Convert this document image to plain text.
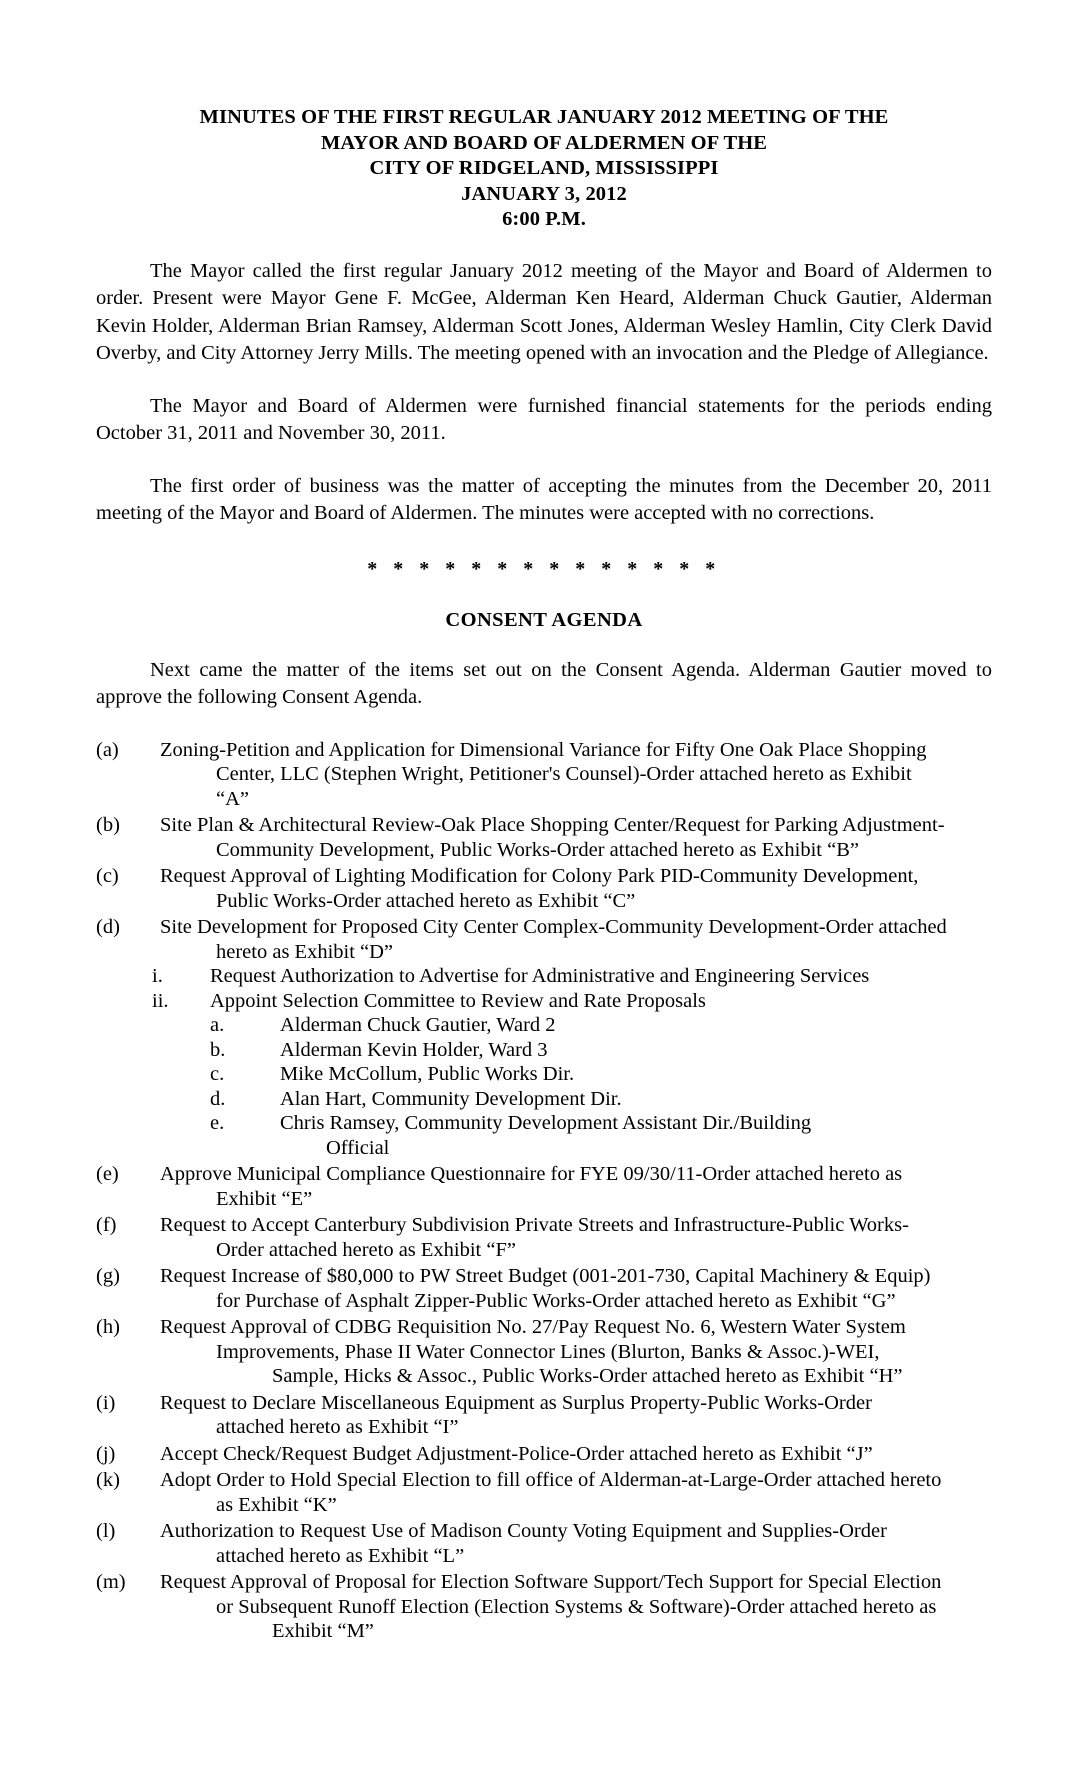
MINUTES OF THE FIRST REGULAR JANUARY 2012 MEETING OF THE
MAYOR AND BOARD OF ALDERMEN OF THE
CITY OF RIDGELAND, MISSISSIPPI
JANUARY 3, 2012
6:00 P.M.

The Mayor called the first regular January 2012 meeting of the Mayor and Board of Aldermen to order. Present were Mayor Gene F. McGee, Alderman Ken Heard, Alderman Chuck Gautier, Alderman Kevin Holder, Alderman Brian Ramsey, Alderman Scott Jones, Alderman Wesley Hamlin, City Clerk David Overby, and City Attorney Jerry Mills. The meeting opened with an invocation and the Pledge of Allegiance.

The Mayor and Board of Aldermen were furnished financial statements for the periods ending October 31, 2011 and November 30, 2011.

The first order of business was the matter of accepting the minutes from the December 20, 2011 meeting of the Mayor and Board of Aldermen. The minutes were accepted with no corrections.

* * * * * * * * * * * * * *
CONSENT AGENDA

Next came the matter of the items set out on the Consent Agenda. Alderman Gautier moved to approve the following Consent Agenda.

(a)	Zoning-Petition and Application for Dimensional Variance for Fifty One Oak Place Shopping
Center, LLC (Stephen Wright, Petitioner's Counsel)-Order attached hereto as Exhibit
“A”
(b)	Site Plan & Architectural Review-Oak Place Shopping Center/Request for Parking Adjustment-
Community Development, Public Works-Order attached hereto as Exhibit “B”
(c)	Request Approval of Lighting Modification for Colony Park PID-Community Development,
Public Works-Order attached hereto as Exhibit “C”
(d)	Site Development for Proposed City Center Complex-Community Development-Order attached
hereto as Exhibit “D”
i.	Request Authorization to Advertise for Administrative and Engineering Services
ii.	Appoint Selection Committee to Review and Rate Proposals
a.	Alderman Chuck Gautier, Ward 2
b.	Alderman Kevin Holder, Ward 3
c.	Mike McCollum, Public Works Dir.
d.	Alan Hart, Community Development Dir.
e.	Chris Ramsey, Community Development Assistant Dir./Building
Official
(e)	Approve Municipal Compliance Questionnaire for FYE 09/30/11-Order attached hereto as
Exhibit “E”
(f)	Request to Accept Canterbury Subdivision Private Streets and Infrastructure-Public Works-
Order attached hereto as Exhibit “F”
(g)	Request Increase of $80,000 to PW Street Budget (001-201-730, Capital Machinery & Equip)
for Purchase of Asphalt Zipper-Public Works-Order attached hereto as Exhibit “G”
(h)	Request Approval of CDBG Requisition No. 27/Pay Request No. 6, Western Water System
Improvements, Phase II Water Connector Lines (Blurton, Banks & Assoc.)-WEI,
Sample, Hicks & Assoc., Public Works-Order attached hereto as Exhibit “H”
(i)	Request to Declare Miscellaneous Equipment as Surplus Property-Public Works-Order
attached hereto as Exhibit “I”
(j)	Accept Check/Request Budget Adjustment-Police-Order attached hereto as Exhibit “J”
(k)	Adopt Order to Hold Special Election to fill office of Alderman-at-Large-Order attached hereto
as Exhibit “K”
(l)	Authorization to Request Use of Madison County Voting Equipment and Supplies-Order
attached hereto as Exhibit “L”
(m)	Request Approval of Proposal for Election Software Support/Tech Support for Special Election
or Subsequent Runoff Election (Election Systems & Software)-Order attached hereto as
Exhibit “M”
